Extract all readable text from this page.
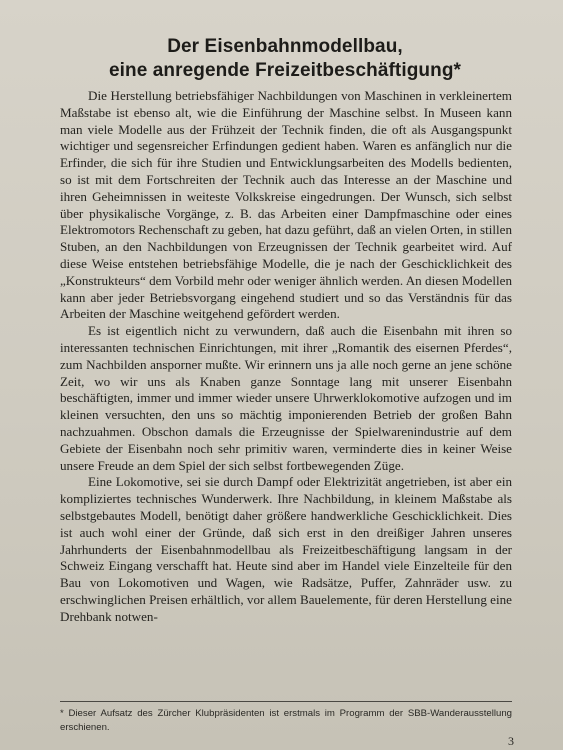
Der Eisenbahnmodellbau,
eine anregende Freizeitbeschäftigung*

Die Herstellung betriebsfähiger Nachbildungen von Maschinen in verkleinertem Maßstabe ist ebenso alt, wie die Einführung der Maschine selbst. In Museen kann man viele Modelle aus der Frühzeit der Technik finden, die oft als Ausgangspunkt wichtiger und segensreicher Erfindungen gedient haben. Waren es anfänglich nur die Erfinder, die sich für ihre Studien und Entwicklungsarbeiten des Modells bedienten, so ist mit dem Fortschreiten der Technik auch das Interesse an der Maschine und ihren Geheimnissen in weiteste Volkskreise eingedrungen. Der Wunsch, sich selbst über physikalische Vorgänge, z. B. das Arbeiten einer Dampfmaschine oder eines Elektromotors Rechenschaft zu geben, hat dazu geführt, daß an vielen Orten, in stillen Stuben, an den Nachbildungen von Erzeugnissen der Technik gearbeitet wird. Auf diese Weise entstehen betriebsfähige Modelle, die je nach der Geschicklichkeit des „Konstrukteurs“ dem Vorbild mehr oder weniger ähnlich werden. An diesen Modellen kann aber jeder Betriebsvorgang eingehend studiert und so das Verständnis für das Arbeiten der Maschine weitgehend gefördert werden.

Es ist eigentlich nicht zu verwundern, daß auch die Eisenbahn mit ihren so interessanten technischen Einrichtungen, mit ihrer „Romantik des eisernen Pferdes“, zum Nachbilden ansporner mußte. Wir erinnern uns ja alle noch gerne an jene schöne Zeit, wo wir uns als Knaben ganze Sonntage lang mit unserer Eisenbahn beschäftigten, immer und immer wieder unsere Uhrwerklokomotive aufzogen und im kleinen versuchten, den uns so mächtig imponierenden Betrieb der großen Bahn nachzuahmen. Obschon damals die Erzeugnisse der Spielwarenindustrie auf dem Gebiete der Eisenbahn noch sehr primitiv waren, verminderte dies in keiner Weise unsere Freude an dem Spiel der sich selbst fortbewegenden Züge.

Eine Lokomotive, sei sie durch Dampf oder Elektrizität angetrieben, ist aber ein kompliziertes technisches Wunderwerk. Ihre Nachbildung, in kleinem Maßstabe als selbstgebautes Modell, benötigt daher größere handwerkliche Geschicklichkeit. Dies ist auch wohl einer der Gründe, daß sich erst in den dreißiger Jahren unseres Jahrhunderts der Eisenbahnmodellbau als Freizeitbeschäftigung langsam in der Schweiz Eingang verschafft hat. Heute sind aber im Handel viele Einzelteile für den Bau von Lokomotiven und Wagen, wie Radsätze, Puffer, Zahnräder usw. zu erschwinglichen Preisen erhältlich, vor allem Bauelemente, für deren Herstellung eine Drehbank notwen-

* Dieser Aufsatz des Zürcher Klubpräsidenten ist erstmals im Programm der SBB-Wanderausstellung erschienen.
3
